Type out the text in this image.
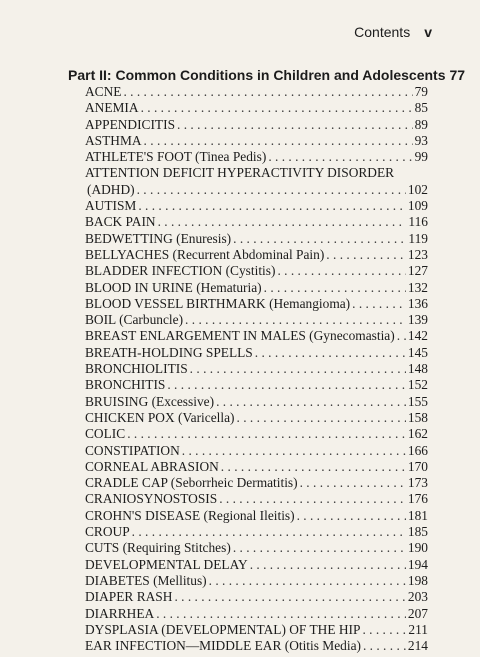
Contents v
Part II: Common Conditions in Children and Adolescents 77
ACNE . . .	79
ANEMIA . . .	85
APPENDICITIS . . .	89
ASTHMA . . .	93
ATHLETE'S FOOT (Tinea Pedis) . . .	99
ATTENTION DEFICIT HYPERACTIVITY DISORDER
(ADHD) . . .	102
AUTISM . . .	109
BACK PAIN . . .	116
BEDWETTING (Enuresis) . . .	119
BELLYACHES (Recurrent Abdominal Pain) . . .	123
BLADDER INFECTION (Cystitis) . . .	127
BLOOD IN URINE (Hematuria) . . .	132
BLOOD VESSEL BIRTHMARK (Hemangioma) . . .	136
BOIL (Carbuncle) . . .	139
BREAST ENLARGEMENT IN MALES (Gynecomastia) . . . 142
BREATH-HOLDING SPELLS . . .	145
BRONCHIOLITIS . . .	148
BRONCHITIS . . .	152
BRUISING (Excessive) . . .	155
CHICKEN POX (Varicella) . . .	158
COLIC . . .	162
CONSTIPATION . . .	166
CORNEAL ABRASION . . .	170
CRADLE CAP (Seborrheic Dermatitis) . . .	173
CRANIOSYNOSTOSIS . . .	176
CROHN'S DISEASE (Regional Ileitis) . . .	181
CROUP . . .	185
CUTS (Requiring Stitches) . . .	190
DEVELOPMENTAL DELAY . . .	194
DIABETES (Mellitus) . . .	198
DIAPER RASH . . .	203
DIARRHEA . . .	207
DYSPLASIA (DEVELOPMENTAL) OF THE HIP . . .	211
EAR INFECTION—MIDDLE EAR (Otitis Media) . . .	214
